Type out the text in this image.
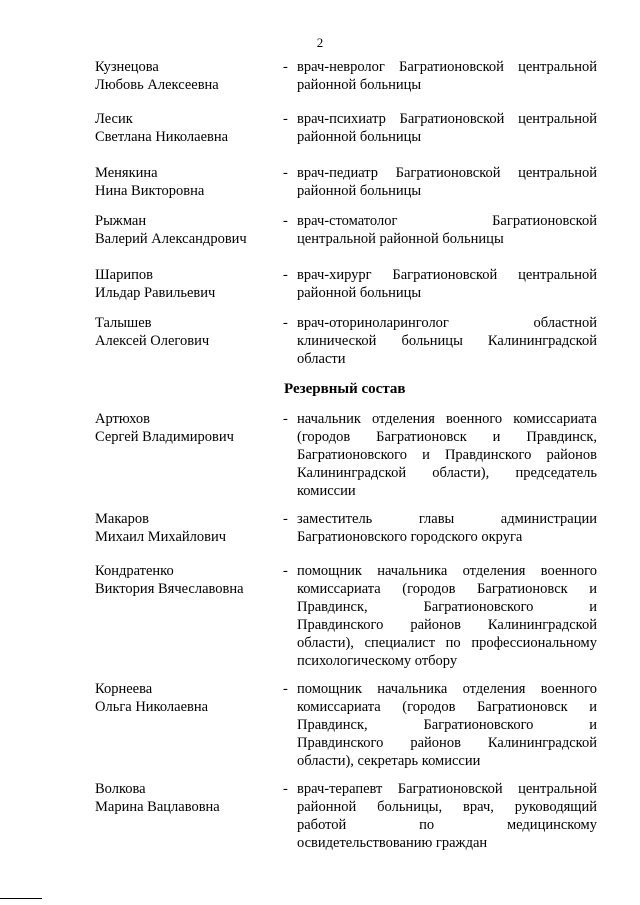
2
Кузнецова
Любовь Алексеевна
- врач-невролог Багратионовской центральной
районной больницы
Лесик
Светлана Николаевна
- врач-психиатр Багратионовской центральной
районной больницы
Менякина
Нина Викторовна
- врач-педиатр Багратионовской центральной
районной больницы
Рыжман
Валерий Александрович
- врач-стоматолог Багратионовской
центральной районной больницы
Шарипов
Ильдар Равильевич
- врач-хирург Багратионовской центральной
районной больницы
Талышев
Алексей Олегович
- врач-оториноларинголог областной
клинической больницы Калининградской
области
Резервный состав
Артюхов
Сергей Владимирович
- начальник отделения военного комиссариата
(городов Багратионовск и Правдинск,
Багратионовского и Правдинского районов
Калининградской области), председатель
комиссии
Макаров
Михаил Михайлович
- заместитель главы администрации
Багратионовского городского округа
Кондратенко
Виктория Вячеславовна
- помощник начальника отделения военного
комиссариата (городов Багратионовск и
Правдинск, Багратионовского и
Правдинского районов Калининградской
области), специалист по профессиональному
психологическому отбору
Корнеева
Ольга Николаевна
- помощник начальника отделения военного
комиссариата (городов Багратионовск и
Правдинск, Багратионовского и
Правдинского районов Калининградской
области), секретарь комиссии
Волкова
Марина Вацлавовна
- врач-терапевт Багратионовской центральной
районной больницы, врач, руководящий
работой по медицинскому
освидетельствованию граждан
